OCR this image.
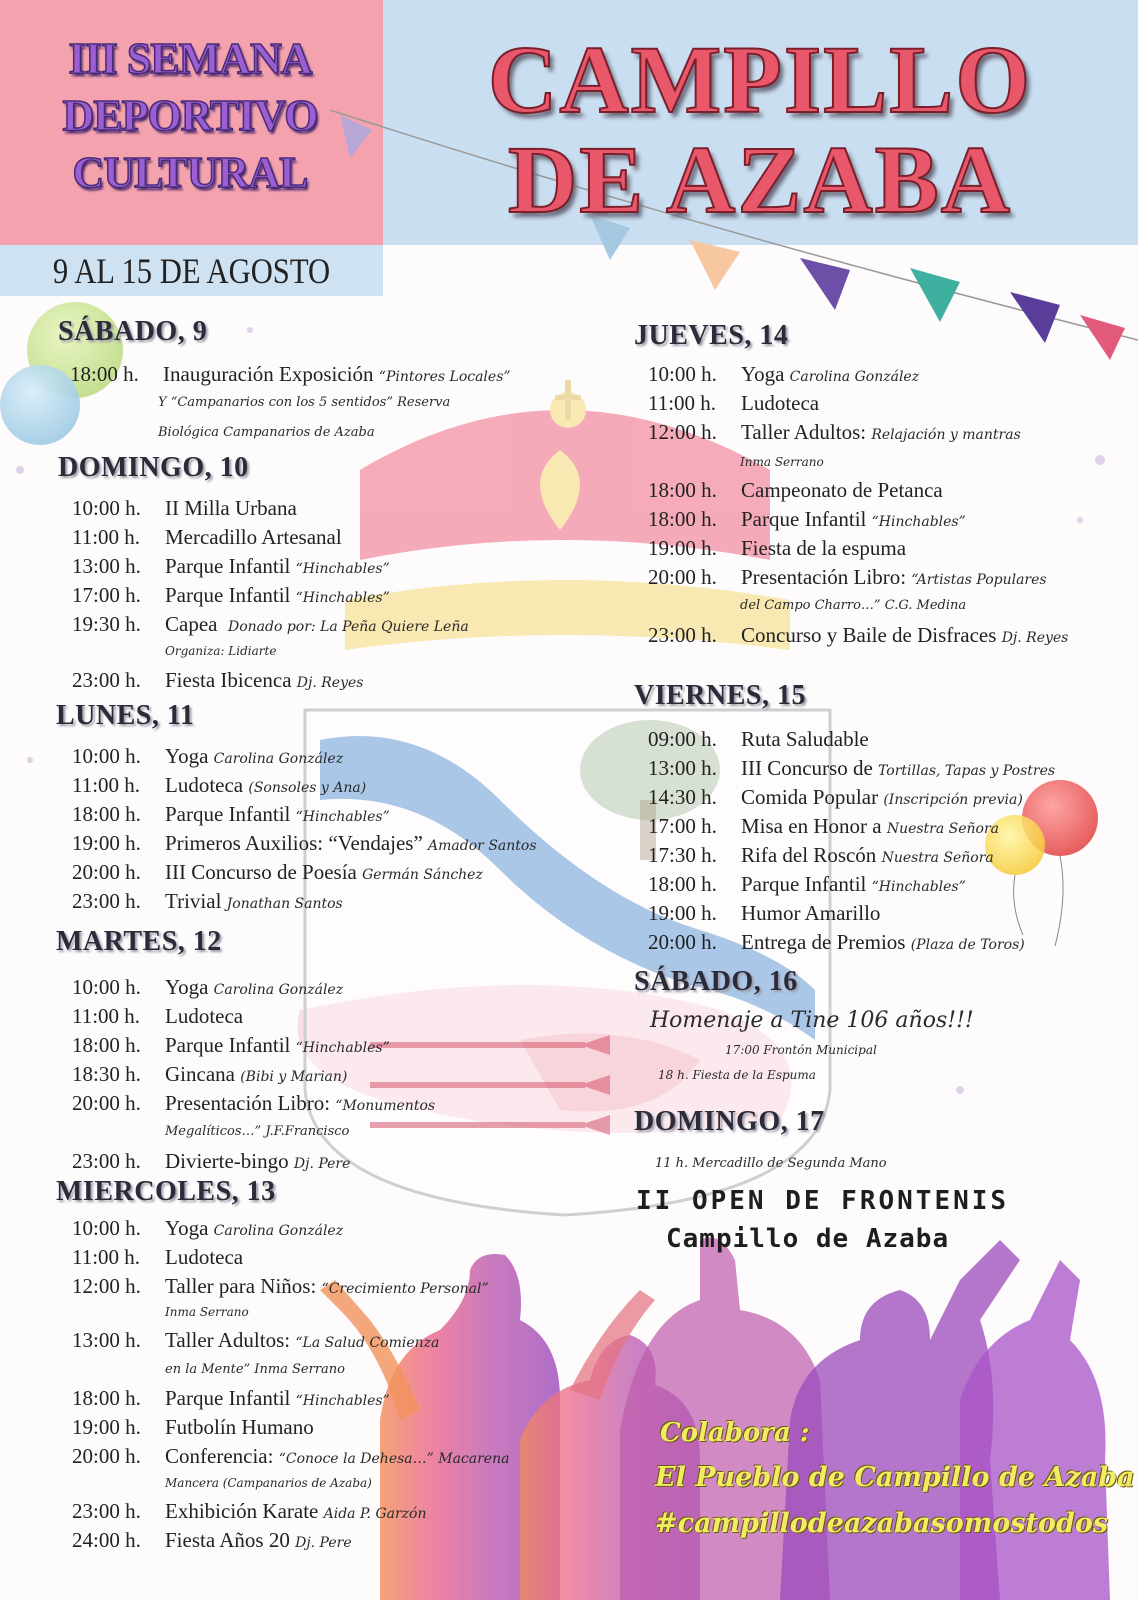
III SEMANA
DEPORTIVO
CULTURAL
CAMPILLO
DE AZABA
9 AL 15 DE AGOSTO
SÁBADO, 9
18:00 h. Inauguración Exposición “Pintores Locales”
Y “Campanarios con los 5 sentidos” Reserva
Biológica Campanarios de Azaba
DOMINGO, 10
10:00 h. II Milla Urbana
11:00 h. Mercadillo Artesanal
13:00 h. Parque Infantil “Hinchables”
17:00 h. Parque Infantil “Hinchables”
19:30 h. Capea Donado por: La Peña Quiere Leña
Organiza: Lidiarte
23:00 h. Fiesta Ibicenca Dj. Reyes
LUNES, 11
10:00 h. Yoga Carolina González
11:00 h. Ludoteca (Sonsoles y Ana)
18:00 h. Parque Infantil “Hinchables”
19:00 h. Primeros Auxilios: “Vendajes” Amador Santos
20:00 h. III Concurso de Poesía Germán Sánchez
23:00 h. Trivial Jonathan Santos
MARTES, 12
10:00 h. Yoga Carolina González
11:00 h. Ludoteca
18:00 h. Parque Infantil “Hinchables”
18:30 h. Gincana (Bibi y Marian)
20:00 h. Presentación Libro: “Monumentos
Megalíticos…” J.F.Francisco
23:00 h. Divierte-bingo Dj. Pere
MIERCOLES, 13
10:00 h. Yoga Carolina González
11:00 h. Ludoteca
12:00 h. Taller para Niños: “Crecimiento Personal”
Inma Serrano
13:00 h. Taller Adultos: “La Salud Comienza
en la Mente” Inma Serrano
18:00 h. Parque Infantil “Hinchables”
19:00 h. Futbolín Humano
20:00 h. Conferencia: “Conoce la Dehesa…” Macarena
Mancera (Campanarios de Azaba)
23:00 h. Exhibición Karate Aida P. Garzón
24:00 h. Fiesta Años 20 Dj. Pere
JUEVES, 14
10:00 h. Yoga Carolina González
11:00 h. Ludoteca
12:00 h. Taller Adultos: Relajación y mantras
Inma Serrano
18:00 h. Campeonato de Petanca
18:00 h. Parque Infantil “Hinchables”
19:00 h. Fiesta de la espuma
20:00 h. Presentación Libro: “Artistas Populares
del Campo Charro…” C.G. Medina
23:00 h. Concurso y Baile de Disfraces Dj. Reyes
VIERNES, 15
09:00 h. Ruta Saludable
13:00 h. III Concurso de Tortillas, Tapas y Postres
14:30 h. Comida Popular (Inscripción previa)
17:00 h. Misa en Honor a Nuestra Señora
17:30 h. Rifa del Roscón Nuestra Señora
18:00 h. Parque Infantil “Hinchables”
19:00 h. Humor Amarillo
20:00 h. Entrega de Premios (Plaza de Toros)
SÁBADO, 16
Homenaje a Tine 106 años!!!
17:00 Frontón Municipal
18 h. Fiesta de la Espuma
DOMINGO, 17
11 h. Mercadillo de Segunda Mano
II OPEN DE FRONTENIS
Campillo de Azaba
Colabora :
El Pueblo de Campillo de Azaba
#campillodeazabasomostodos
